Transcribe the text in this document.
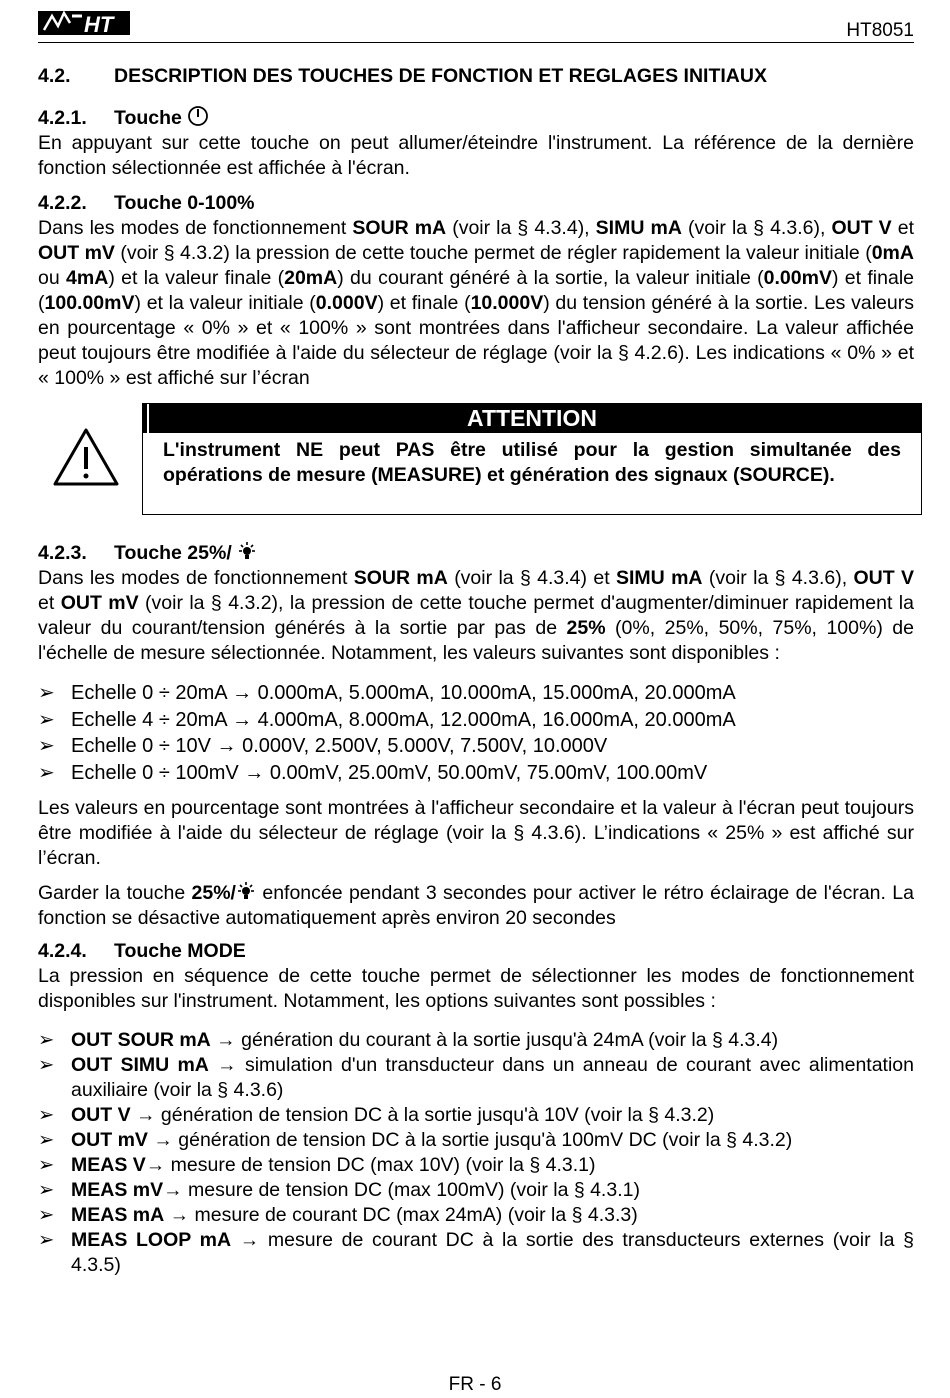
HT	HT8051
4.2. DESCRIPTION DES TOUCHES DE FONCTION ET REGLAGES INITIAUX
4.2.1. Touche
En appuyant sur cette touche on peut allumer/éteindre l'instrument. La référence de la dernière fonction sélectionnée est affichée à l'écran.
4.2.2. Touche 0-100%
Dans les modes de fonctionnement SOUR mA (voir la § 4.3.4), SIMU mA (voir la § 4.3.6), OUT V et OUT mV (voir § 4.3.2) la pression de cette touche permet de régler rapidement la valeur initiale (0mA ou 4mA) et la valeur finale (20mA) du courant généré à la sortie, la valeur initiale (0.00mV) et finale (100.00mV) et la valeur initiale (0.000V) et finale (10.000V) du tension généré à la sortie. Les valeurs en pourcentage « 0% » et « 100% » sont montrées dans l'afficheur secondaire. La valeur affichée peut toujours être modifiée à l'aide du sélecteur de réglage (voir la § 4.2.6). Les indications « 0% » et « 100% » est affiché sur l’écran
ATTENTION
L'instrument NE peut PAS être utilisé pour la gestion simultanée des opérations de mesure (MEASURE) et génération des signaux (SOURCE).
4.2.3. Touche 25%/
Dans les modes de fonctionnement SOUR mA (voir la § 4.3.4) et SIMU mA (voir la § 4.3.6), OUT V et OUT mV (voir la § 4.3.2), la pression de cette touche permet d'augmenter/diminuer rapidement la valeur du courant/tension générés à la sortie par pas de 25% (0%, 25%, 50%, 75%, 100%) de l'échelle de mesure sélectionnée. Notamment, les valeurs suivantes sont disponibles :
➢ Echelle 0 ÷ 20mA → 0.000mA, 5.000mA, 10.000mA, 15.000mA, 20.000mA
➢ Echelle 4 ÷ 20mA → 4.000mA, 8.000mA, 12.000mA, 16.000mA, 20.000mA
➢ Echelle 0 ÷ 10V → 0.000V, 2.500V, 5.000V, 7.500V, 10.000V
➢ Echelle 0 ÷ 100mV → 0.00mV, 25.00mV, 50.00mV, 75.00mV, 100.00mV
Les valeurs en pourcentage sont montrées à l'afficheur secondaire et la valeur à l'écran peut toujours être modifiée à l'aide du sélecteur de réglage (voir la § 4.3.6). L’indications « 25% » est affiché sur l’écran.
Garder la touche 25%/ enfoncée pendant 3 secondes pour activer le rétro éclairage de l'écran. La fonction se désactive automatiquement après environ 20 secondes
4.2.4. Touche MODE
La pression en séquence de cette touche permet de sélectionner les modes de fonctionnement disponibles sur l'instrument. Notamment, les options suivantes sont possibles :
➢ OUT SOUR mA → génération du courant à la sortie jusqu'à 24mA (voir la § 4.3.4)
➢ OUT SIMU mA → simulation d'un transducteur dans un anneau de courant avec alimentation auxiliaire (voir la § 4.3.6)
➢ OUT V → génération de tension DC à la sortie jusqu'à 10V (voir la § 4.3.2)
➢ OUT mV → génération de tension DC à la sortie jusqu'à 100mV DC (voir la § 4.3.2)
➢ MEAS V→ mesure de tension DC (max 10V) (voir la § 4.3.1)
➢ MEAS mV→ mesure de tension DC (max 100mV) (voir la § 4.3.1)
➢ MEAS mA → mesure de courant DC (max 24mA) (voir la § 4.3.3)
➢ MEAS LOOP mA → mesure de courant DC à la sortie des transducteurs externes (voir la § 4.3.5)
FR - 6
